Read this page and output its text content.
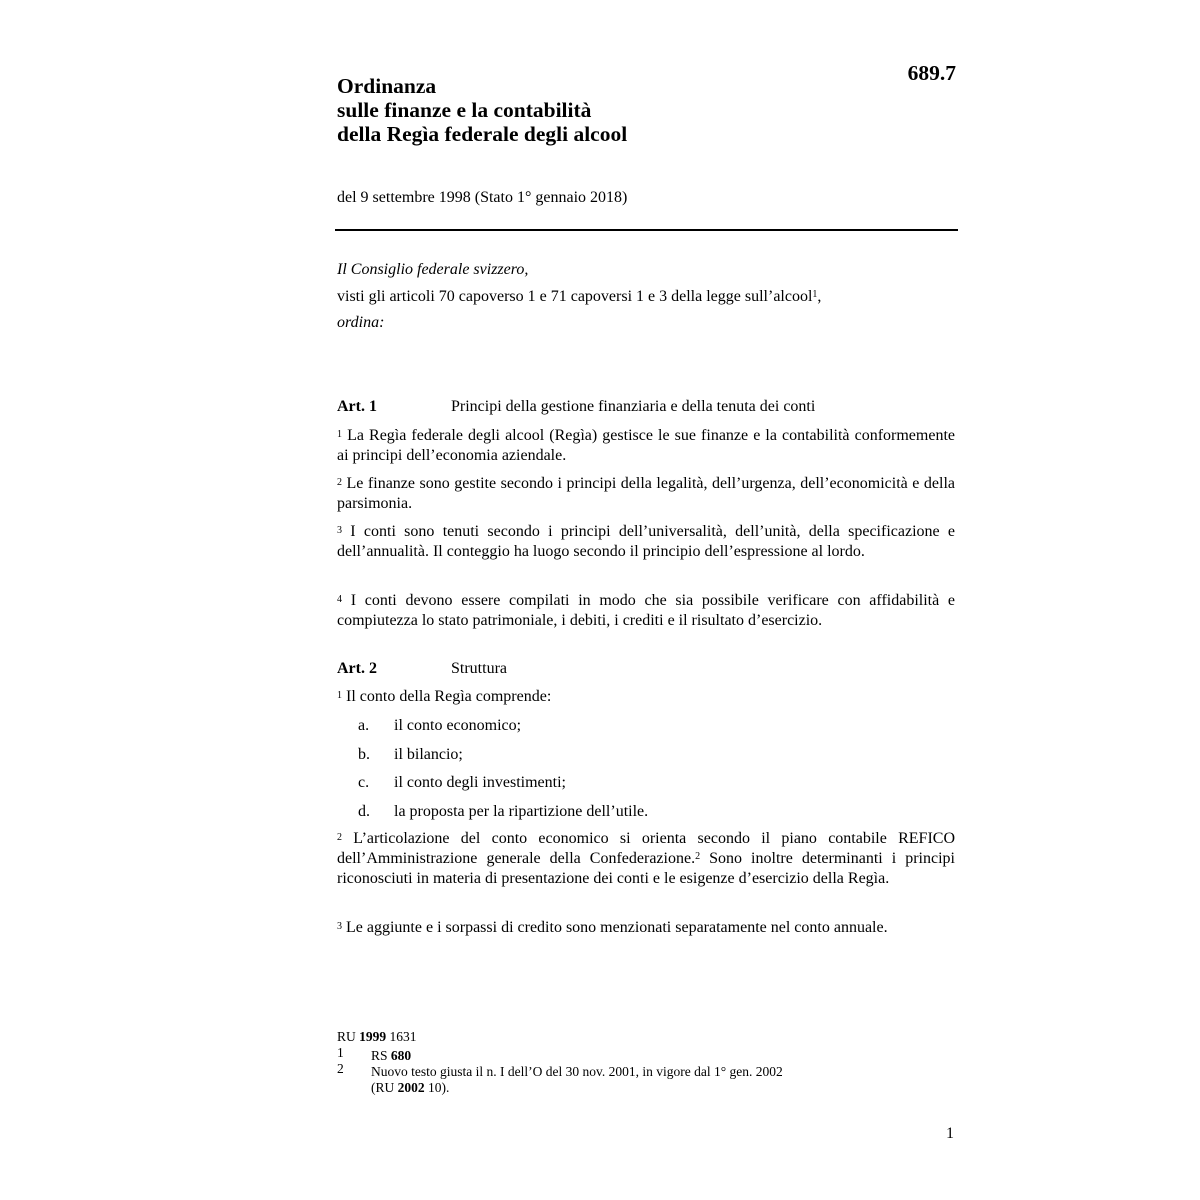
689.7
Ordinanza
sulle finanze e la contabilità
della Regìa federale degli alcool
del 9 settembre 1998 (Stato 1° gennaio 2018)
Il Consiglio federale svizzero,
visti gli articoli 70 capoverso 1 e 71 capoversi 1 e 3 della legge sull’alcool$^1$,
ordina:
Art. 1	Principi della gestione finanziaria e della tenuta dei conti
$^1$ La Regìa federale degli alcool (Regìa) gestisce le sue finanze e la contabilità conformemente ai principi dell’economia aziendale.
$^2$ Le finanze sono gestite secondo i principi della legalità, dell’urgenza, dell’economicità e della parsimonia.
$^3$ I conti sono tenuti secondo i principi dell’universalità, dell’unità, della specificazione e dell’annualità. Il conteggio ha luogo secondo il principio dell’espressione al lordo.
$^4$ I conti devono essere compilati in modo che sia possibile verificare con affidabilità e compiutezza lo stato patrimoniale, i debiti, i crediti e il risultato d’esercizio.
Art. 2	Struttura
$^1$ Il conto della Regìa comprende:
a. il conto economico;
b. il bilancio;
c. il conto degli investimenti;
d. la proposta per la ripartizione dell’utile.
$^2$ L’articolazione del conto economico si orienta secondo il piano contabile REFICO dell’Amministrazione generale della Confederazione.$^2$ Sono inoltre determinanti i principi riconosciuti in materia di presentazione dei conti e le esigenze d’esercizio della Regìa.
$^3$ Le aggiunte e i sorpassi di credito sono menzionati separatamente nel conto annuale.
RU 1999 1631
1 RS 680
2 Nuovo testo giusta il n. I dell’O del 30 nov. 2001, in vigore dal 1° gen. 2002
(RU 2002 10).
1
